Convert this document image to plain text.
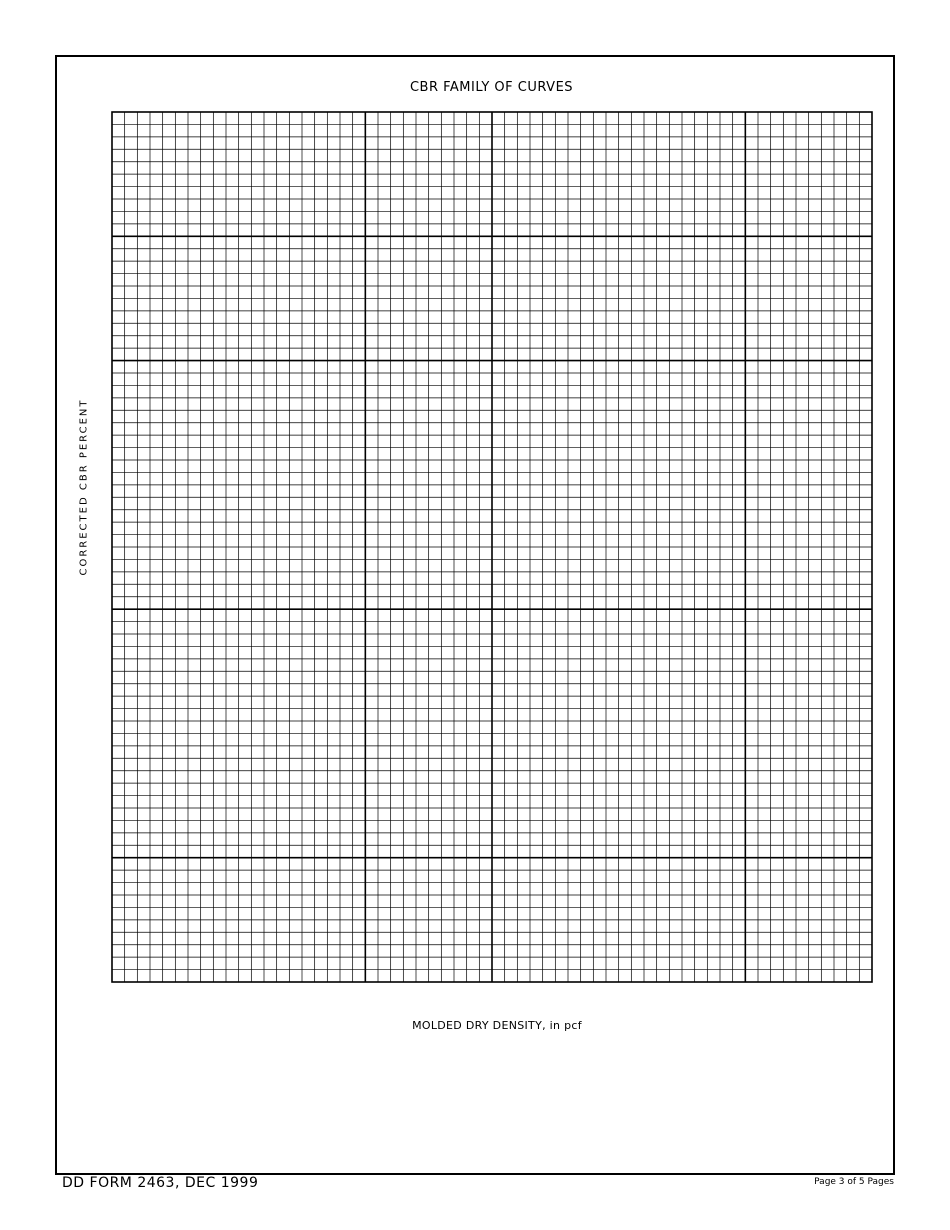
CBR FAMILY OF CURVES
CORRECTED CBR PERCENT
MOLDED DRY DENSITY, in pcf
DD FORM 2463, DEC 1999	Page 3 of 5 Pages
